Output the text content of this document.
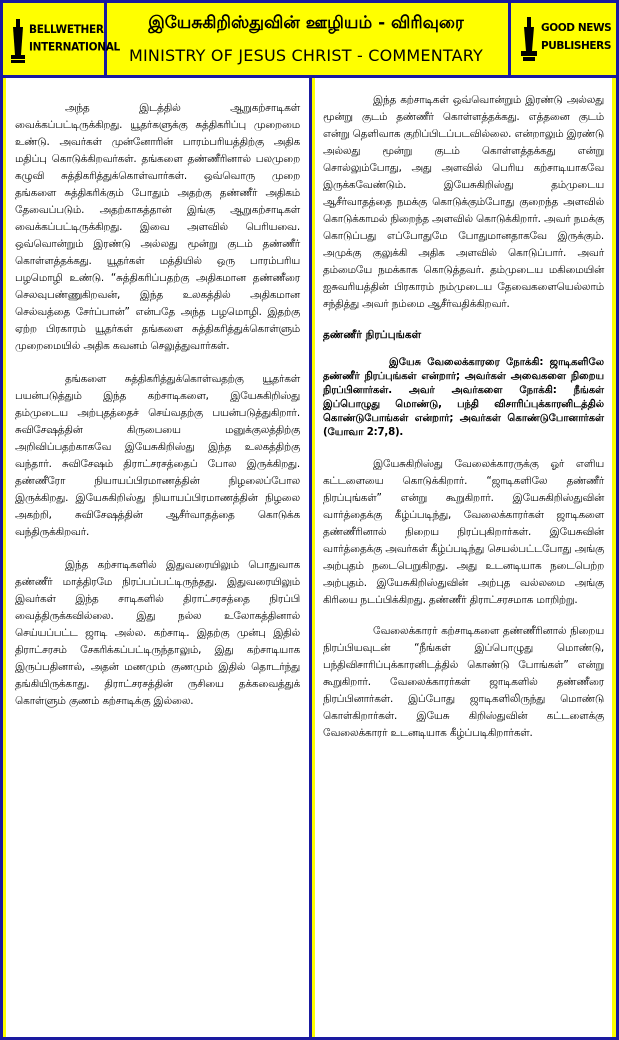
BELLWETHER
INTERNATIONAL
இயேசுகிறிஸ்துவின் ஊழியம் - விரிவுரை
MINISTRY OF JESUS CHRIST - COMMENTARY
GOOD NEWS
PUBLISHERS

அந்த இடத்தில் ஆறுகற்சாடிகள் வைக்கப்பட்டிருக்கிறது. யூதர்களுக்கு சுத்திகரிப்பு முறைமை உண்டு. அவர்கள் முன்னோரின் பாரம்பரியத்திற்கு அதிக மதிப்பு கொடுக்கிறவர்கள். தங்களை தண்ணீரினால் பலமுறை கழுவி சுத்திகரித்துக்கொள்வார்கள். ஒவ்வொரு முறை தங்களை சுத்திகரிக்கும் போதும் அதற்கு தண்ணீர் அதிகம் தேவைப்படும். அதற்காகத்தான் இங்கு ஆறுகற்சாடிகள் வைக்கப்பட்டிருக்கிறது. இவை அளவில் பெரியவை. ஒவ்வொன்றும் இரண்டு அல்லது மூன்று குடம் தண்ணீர் கொள்ளத்தக்கது. யூதர்கள் மத்தியில் ஒரு பாரம்பரிய பழமொழி உண்டு. “சுத்திகரிப்பதற்கு அதிகமான தண்ணீரை செலவுபண்ணுகிறவன், இந்த உலகத்தில் அதிகமான செல்வத்தை சேர்ப்பான்” என்பதே அந்த பழமொழி. இதற்கு ஏற்ற பிரகாரம் யூதர்கள் தங்களை சுத்திகரித்துக்கொள்ளும் முறைமையில் அதிக கவனம் செலுத்துவார்கள்.

தங்களை சுத்திகரித்துக்கொள்வதற்கு யூதர்கள் பயன்படுத்தும் இந்த கற்சாடிகளை, இயேசுகிறிஸ்து தம்முடைய அற்புதத்தைச் செய்வதற்கு பயன்படுத்துகிறார். சுவிசேஷத்தின் கிருபையை மனுக்குலத்திற்கு அறிவிப்பதற்காகவே இயேசுகிறிஸ்து இந்த உலகத்திற்கு வந்தார். சுவிசேஷம் திராட்சரசத்தைப் போல இருக்கிறது. தண்ணீரோ நியாயப்பிரமாணத்தின் நிழலைப்போல இருக்கிறது. இயேசுகிறிஸ்து நியாயப்பிரமாணத்தின் நிழலை அகற்றி, சுவிசேஷத்தின் ஆசீர்வாதத்தை கொடுக்க வந்திருக்கிறவர்.

இந்த கற்சாடிகளில் இதுவரையிலும் பொதுவாக தண்ணீர் மாத்திரமே நிரப்பப்பட்டிருந்தது. இதுவரையிலும் இவர்கள் இந்த சாடிகளில் திராட்சரசத்தை நிரப்பி வைத்திருக்கவில்லை. இது நல்ல உலோகத்தினால் செய்யப்பட்ட ஜாடி அல்ல. கற்சாடி. இதற்கு முன்பு இதில் திராட்சரசம் சேகரிக்கப்பட்டிருந்தாலும், இது கற்சாடியாக இருப்பதினால், அதன் மணமும் குணமும் இதில் தொடர்ந்து தங்கியிருக்காது. திராட்சரசத்தின் ருசியை தக்கவைத்துக் கொள்ளும் குணம் கற்சாடிக்கு இல்லை.

இந்த கற்சாடிகள் ஒவ்வொன்றும் இரண்டு அல்லது மூன்று குடம் தண்ணீர் கொள்ளத்தக்கது. எத்தனை குடம் என்று தெளிவாக குறிப்பிடப்படவில்லை. என்றாலும் இரண்டு அல்லது மூன்று குடம் கொள்ளத்தக்கது என்று சொல்லும்போது, அது அளவில் பெரிய கற்சாடியாகவே இருக்கவேண்டும். இயேசுகிறிஸ்து தம்முடைய ஆசீர்வாதத்தை நமக்கு கொடுக்கும்போது குறைந்த அளவில் கொடுக்காமல் நிறைந்த அளவில் கொடுக்கிறார். அவர் நமக்கு கொடுப்பது எப்போதுமே போதுமானதாகவே இருக்கும். அமுக்கு குலுக்கி அதிக அளவில் கொடுப்பார். அவர் தம்மையே நமக்காக கொடுத்தவர். தம்முடைய மகிமையின் ஐசுவரியத்தின் பிரகாரம் நம்முடைய தேவைகளையெல்லாம் சந்தித்து அவர் நம்மை ஆசீர்வதிக்கிறவர்.

தண்ணீர் நிரப்புங்கள்
இயேசு வேலைக்காரரை நோக்கி: ஜாடிகளிலே தண்ணீர் நிரப்புங்கள் என்றார்; அவர்கள் அவைகளை நிறைய நிரப்பினார்கள். அவர் அவர்களை நோக்கி: நீங்கள் இப்பொழுது மொண்டு, பந்தி விசாரிப்புக்காரனிடத்தில் கொண்டுபோங்கள் என்றார்; அவர்கள் கொண்டுபோனார்கள் (யோவா 2:7,8).

இயேசுகிறிஸ்து வேலைக்காரருக்கு ஓர் எளிய கட்டளையை கொடுக்கிறார். “ஜாடிகளிலே தண்ணீர் நிரப்புங்கள்” என்று கூறுகிறார். இயேசுகிறிஸ்துவின் வார்த்தைக்கு கீழ்ப்படிந்து, வேலைக்காரர்கள் ஜாடிகளை தண்ணீரினால் நிறைய நிரப்புகிறார்கள். இயேசுவின் வார்த்தைக்கு அவர்கள் கீழ்ப்படிந்து செயல்பட்டபோது அங்கு அற்புதம் நடைபெறுகிறது. அது உடனடியாக நடைபெற்ற அற்புதம். இயேசுகிறிஸ்துவின் அற்புத வல்லமை அங்கு கிரியை நடப்பிக்கிறது. தண்ணீர் திராட்சரசமாக மாறிற்று.

வேலைக்காரர் கற்சாடிகளை தண்ணீரினால் நிறைய நிரப்பியவுடன் “நீங்கள் இப்பொழுது மொண்டு, பந்திவிசாரிப்புக்காரனிடத்தில் கொண்டு போங்கள்” என்று கூறுகிறார். வேலைக்காரர்கள் ஜாடிகளில் தண்ணீரை நிரப்பினார்கள். இப்போது ஜாடிகளிலிருந்து மொண்டு கொள்கிறார்கள். இயேசு கிறிஸ்துவின் கட்டளைக்கு வேலைக்காரர் உடனடியாக கீழ்ப்படிகிறார்கள்.
